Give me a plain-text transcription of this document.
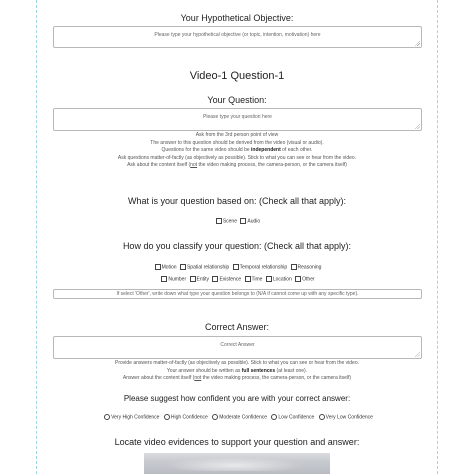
Your Hypothetical Objective:
Please type your hypothetical objective (or topic, intention, motivation) here
Video-1 Question-1
Your Question:
Please type your question here
Ask from the 3rd person point of view
The answer to this question should be derived from the video (visual or audio).
Questions for the same video should be independent of each other.
Ask questions matter-of-factly (as objectively as possible). Stick to what you can see or hear from the video.
Ask about the content itself (not the video making process, the camera-person, or the camera itself)
What is your question based on: (Check all that apply):
Scene Audio
How do you classify your question: (Check all that apply):
Motion Spatial relationship Temporal relationship Reasoning
Number Entity Existence Time Location Other
If select 'Other', write down what type your question belongs to (N/A if cannot come up with any specific type).
Correct Answer:
Correct Answer
Provide answers matter-of-factly (as objectively as possible). Stick to what you can see or hear from the video.
Your answer should be written as full sentences (at least one).
Answer about the content itself (not the video making process, the camera-person, or the camera itself)
Please suggest how confident you are with your correct answer:
Very High Confidence High Confidence Moderate Confidence Low Confidence Very Low Confidence
Locate video evidences to support your question and answer:
